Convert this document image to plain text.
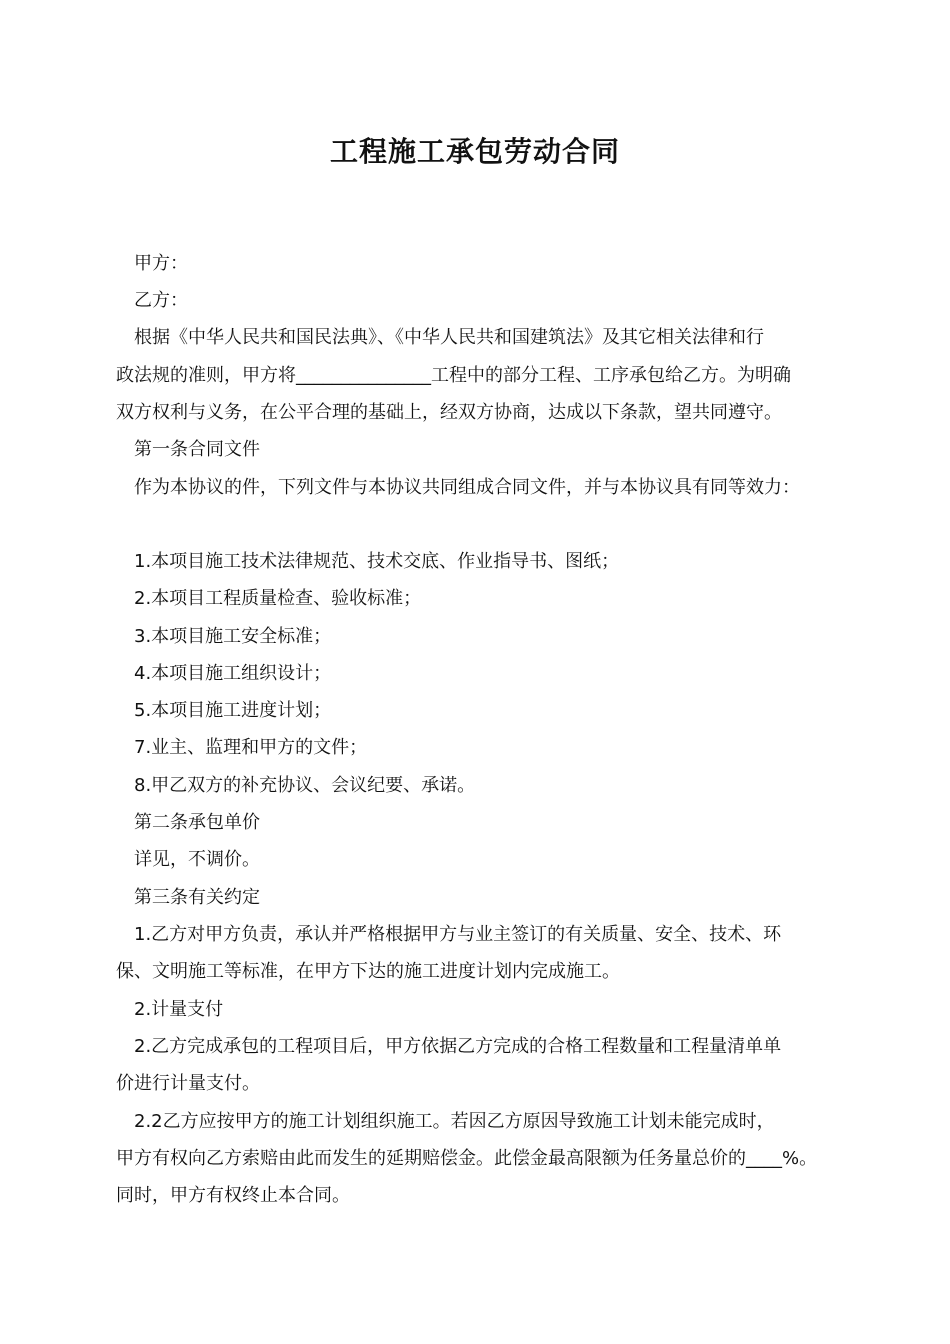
工程施工承包劳动合同
甲方：
乙方：
根据《中华人民共和国民法典》、《中华人民共和国建筑法》及其它相关法律和行
政法规的准则，甲方将_______________工程中的部分工程、工序承包给乙方。为明确
双方权利与义务，在公平合理的基础上，经双方协商，达成以下条款，望共同遵守。
第一条合同文件
作为本协议的件，下列文件与本协议共同组成合同文件，并与本协议具有同等效力：
1.本项目施工技术法律规范、技术交底、作业指导书、图纸；
2.本项目工程质量检查、验收标准；
3.本项目施工安全标准；
4.本项目施工组织设计；
5.本项目施工进度计划；
7.业主、监理和甲方的文件；
8.甲乙双方的补充协议、会议纪要、承诺。
第二条承包单价
详见，不调价。
第三条有关约定
1.乙方对甲方负责，承认并严格根据甲方与业主签订的有关质量、安全、技术、环
保、文明施工等标准，在甲方下达的施工进度计划内完成施工。
2.计量支付
2.乙方完成承包的工程项目后，甲方依据乙方完成的合格工程数量和工程量清单单
价进行计量支付。
2.2乙方应按甲方的施工计划组织施工。若因乙方原因导致施工计划未能完成时，
甲方有权向乙方索赔由此而发生的延期赔偿金。此偿金最高限额为任务量总价的____%。
同时，甲方有权终止本合同。
